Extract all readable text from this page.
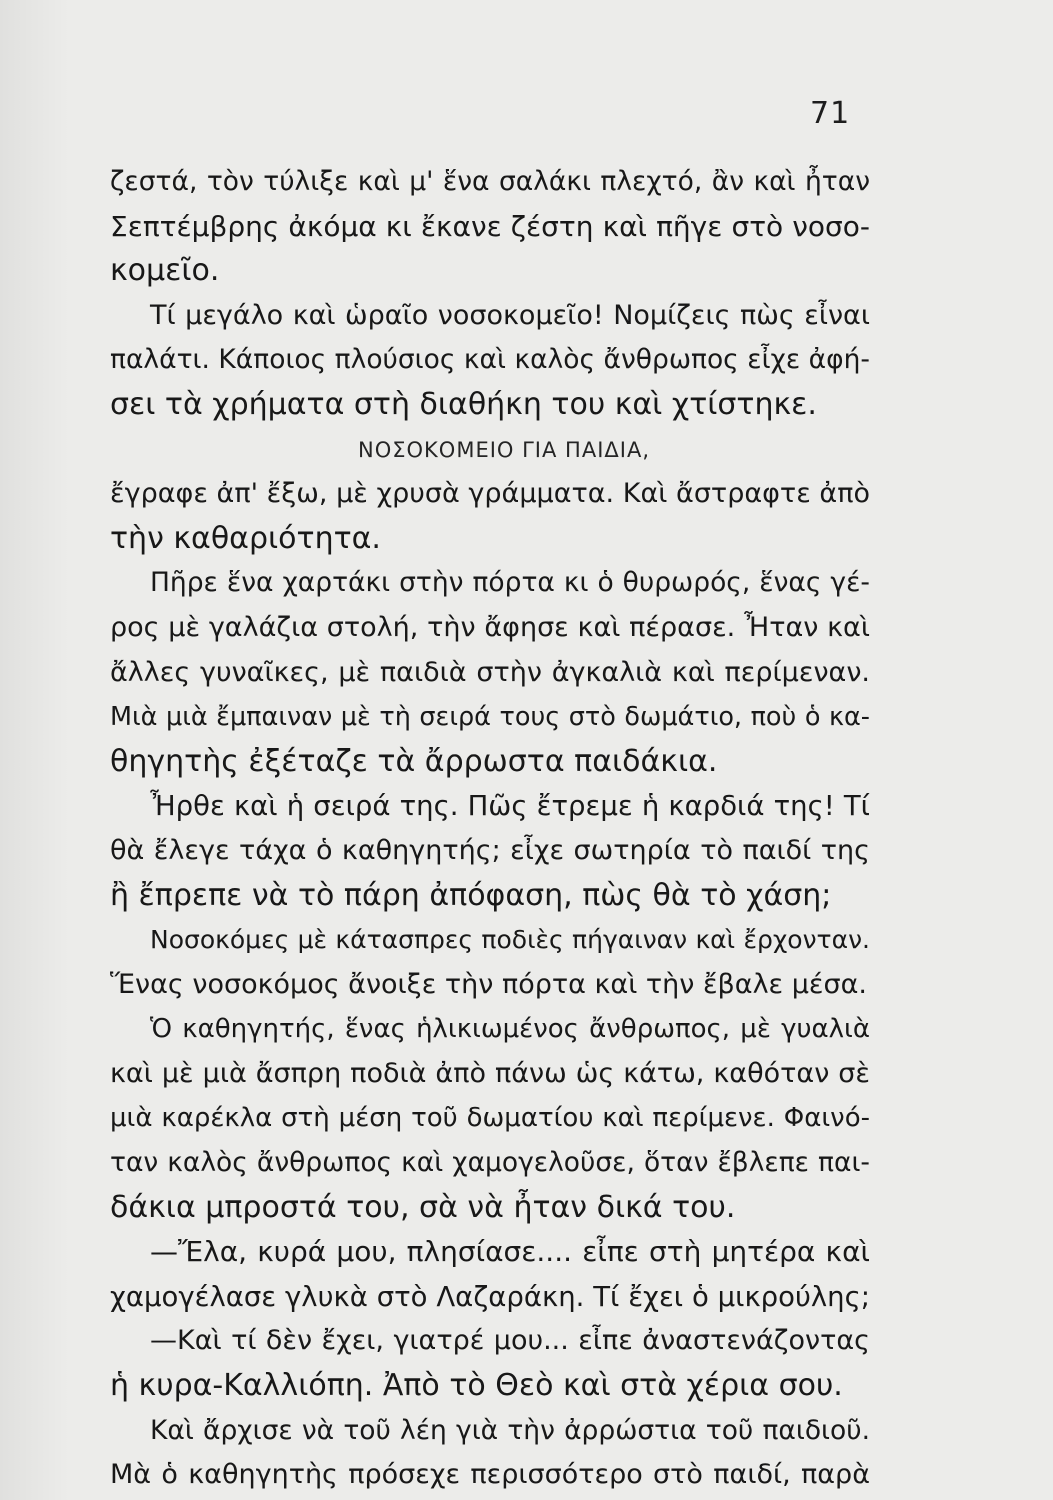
71
ζεστά, τὸν τύλιξε καὶ μ' ἕνα σαλάκι πλεχτό, ἂν καὶ ἦταν
Σεπτέμβρης ἀκόμα κι ἔκανε ζέστη καὶ πῆγε στὸ νοσο-
κομεῖο.
Τί μεγάλο καὶ ὡραῖο νοσοκομεῖο! Νομίζεις πὼς εἶναι
παλάτι. Κάποιος πλούσιος καὶ καλὸς ἄνθρωπος εἶχε ἀφή-
σει τὰ χρήματα στὴ διαθήκη του καὶ χτίστηκε.
ΝΟΣΟΚΟΜΕΙΟ ΓΙΑ ΠΑΙΔΙΑ,
ἔγραφε ἀπ' ἔξω, μὲ χρυσὰ γράμματα. Καὶ ἄστραφτε ἀπὸ
τὴν καθαριότητα.
Πῆρε ἕνα χαρτάκι στὴν πόρτα κι ὁ θυρωρός, ἕνας γέ-
ρος μὲ γαλάζια στολή, τὴν ἄφησε καὶ πέρασε. Ἦταν καὶ
ἄλλες γυναῖκες, μὲ παιδιὰ στὴν ἀγκαλιὰ καὶ περίμεναν.
Μιὰ μιὰ ἔμπαιναν μὲ τὴ σειρά τους στὸ δωμάτιο, ποὺ ὁ κα-
θηγητὴς ἐξέταζε τὰ ἄρρωστα παιδάκια.
Ἦρθε καὶ ἡ σειρά της. Πῶς ἔτρεμε ἡ καρδιά της! Τί
θὰ ἔλεγε τάχα ὁ καθηγητής; εἶχε σωτηρία τὸ παιδί της
ἢ ἔπρεπε νὰ τὸ πάρη ἀπόφαση, πὼς θὰ τὸ χάση;
Νοσοκόμες μὲ κάτασπρες ποδιὲς πήγαιναν καὶ ἔρχονταν.
Ἕνας νοσοκόμος ἄνοιξε τὴν πόρτα καὶ τὴν ἔβαλε μέσα.
Ὁ καθηγητής, ἕνας ἡλικιωμένος ἄνθρωπος, μὲ γυαλιὰ
καὶ μὲ μιὰ ἄσπρη ποδιὰ ἀπὸ πάνω ὡς κάτω, καθόταν σὲ
μιὰ καρέκλα στὴ μέση τοῦ δωματίου καὶ περίμενε. Φαινό-
ταν καλὸς ἄνθρωπος καὶ χαμογελοῦσε, ὅταν ἔβλεπε παι-
δάκια μπροστά του, σὰ νὰ ἦταν δικά του.
—Ἔλα, κυρά μου, πλησίασε.... εἶπε στὴ μητέρα καὶ
χαμογέλασε γλυκὰ στὸ Λαζαράκη. Τί ἔχει ὁ μικρούλης;
—Καὶ τί δὲν ἔχει, γιατρέ μου... εἶπε ἀναστενάζοντας
ἡ κυρα-Καλλιόπη. Ἀπὸ τὸ Θεὸ καὶ στὰ χέρια σου.
Καὶ ἄρχισε νὰ τοῦ λέη γιὰ τὴν ἀρρώστια τοῦ παιδιοῦ.
Μὰ ὁ καθηγητὴς πρόσεχε περισσότερο στὸ παιδί, παρὰ
